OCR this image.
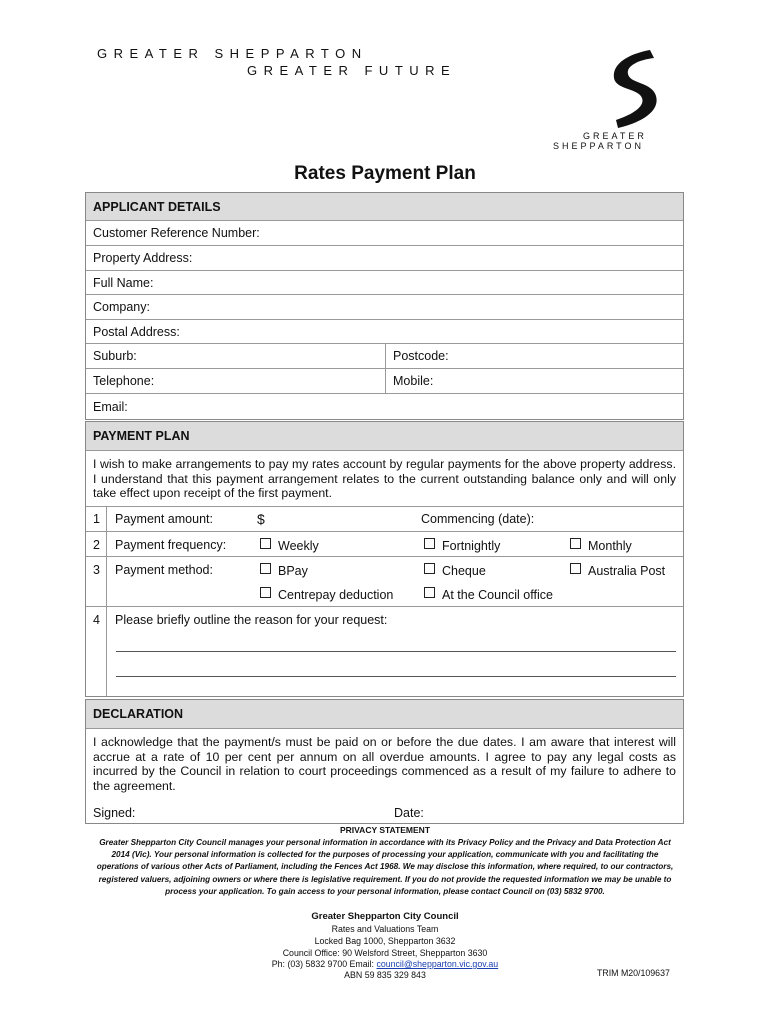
GREATER SHEPPARTON
GREATER FUTURE
GREATER
SHEPPARTON
Rates Payment Plan
APPLICANT DETAILS
Customer Reference Number:
Property Address:
Full Name:
Company:
Postal Address:
Suburb:	Postcode:
Telephone:	Mobile:
Email:
PAYMENT PLAN
I wish to make arrangements to pay my rates account by regular payments for the above property address. I understand that this payment arrangement relates to the current outstanding balance only and will only take effect upon receipt of the first payment.
1	Payment amount:	$	Commencing (date):
2	Payment frequency:	Weekly	Fortnightly	Monthly
3	Payment method:	BPay	Cheque	Australia Post
Centrepay deduction	At the Council office
4	Please briefly outline the reason for your request:
DECLARATION
I acknowledge that the payment/s must be paid on or before the due dates. I am aware that interest will accrue at a rate of 10 per cent per annum on all overdue amounts. I agree to pay any legal costs as incurred by the Council in relation to court proceedings commenced as a result of my failure to adhere to the agreement.
Signed:	Date:
PRIVACY STATEMENT
Greater Shepparton City Council manages your personal information in accordance with its Privacy Policy and the Privacy and Data Protection Act 2014 (Vic). Your personal information is collected for the purposes of processing your application, communicate with you and facilitating the operations of various other Acts of Parliament, including the Fences Act 1968. We may disclose this information, where required, to our contractors, registered valuers, adjoining owners or where there is legislative requirement. If you do not provide the requested information we may be unable to process your application. To gain access to your personal information, please contact Council on (03) 5832 9700.
Greater Shepparton City Council
Rates and Valuations Team
Locked Bag 1000, Shepparton 3632
Council Office: 90 Welsford Street, Shepparton 3630
Ph: (03) 5832 9700 Email: council@shepparton.vic.gov.au
ABN 59 835 329 843	TRIM M20/109637
